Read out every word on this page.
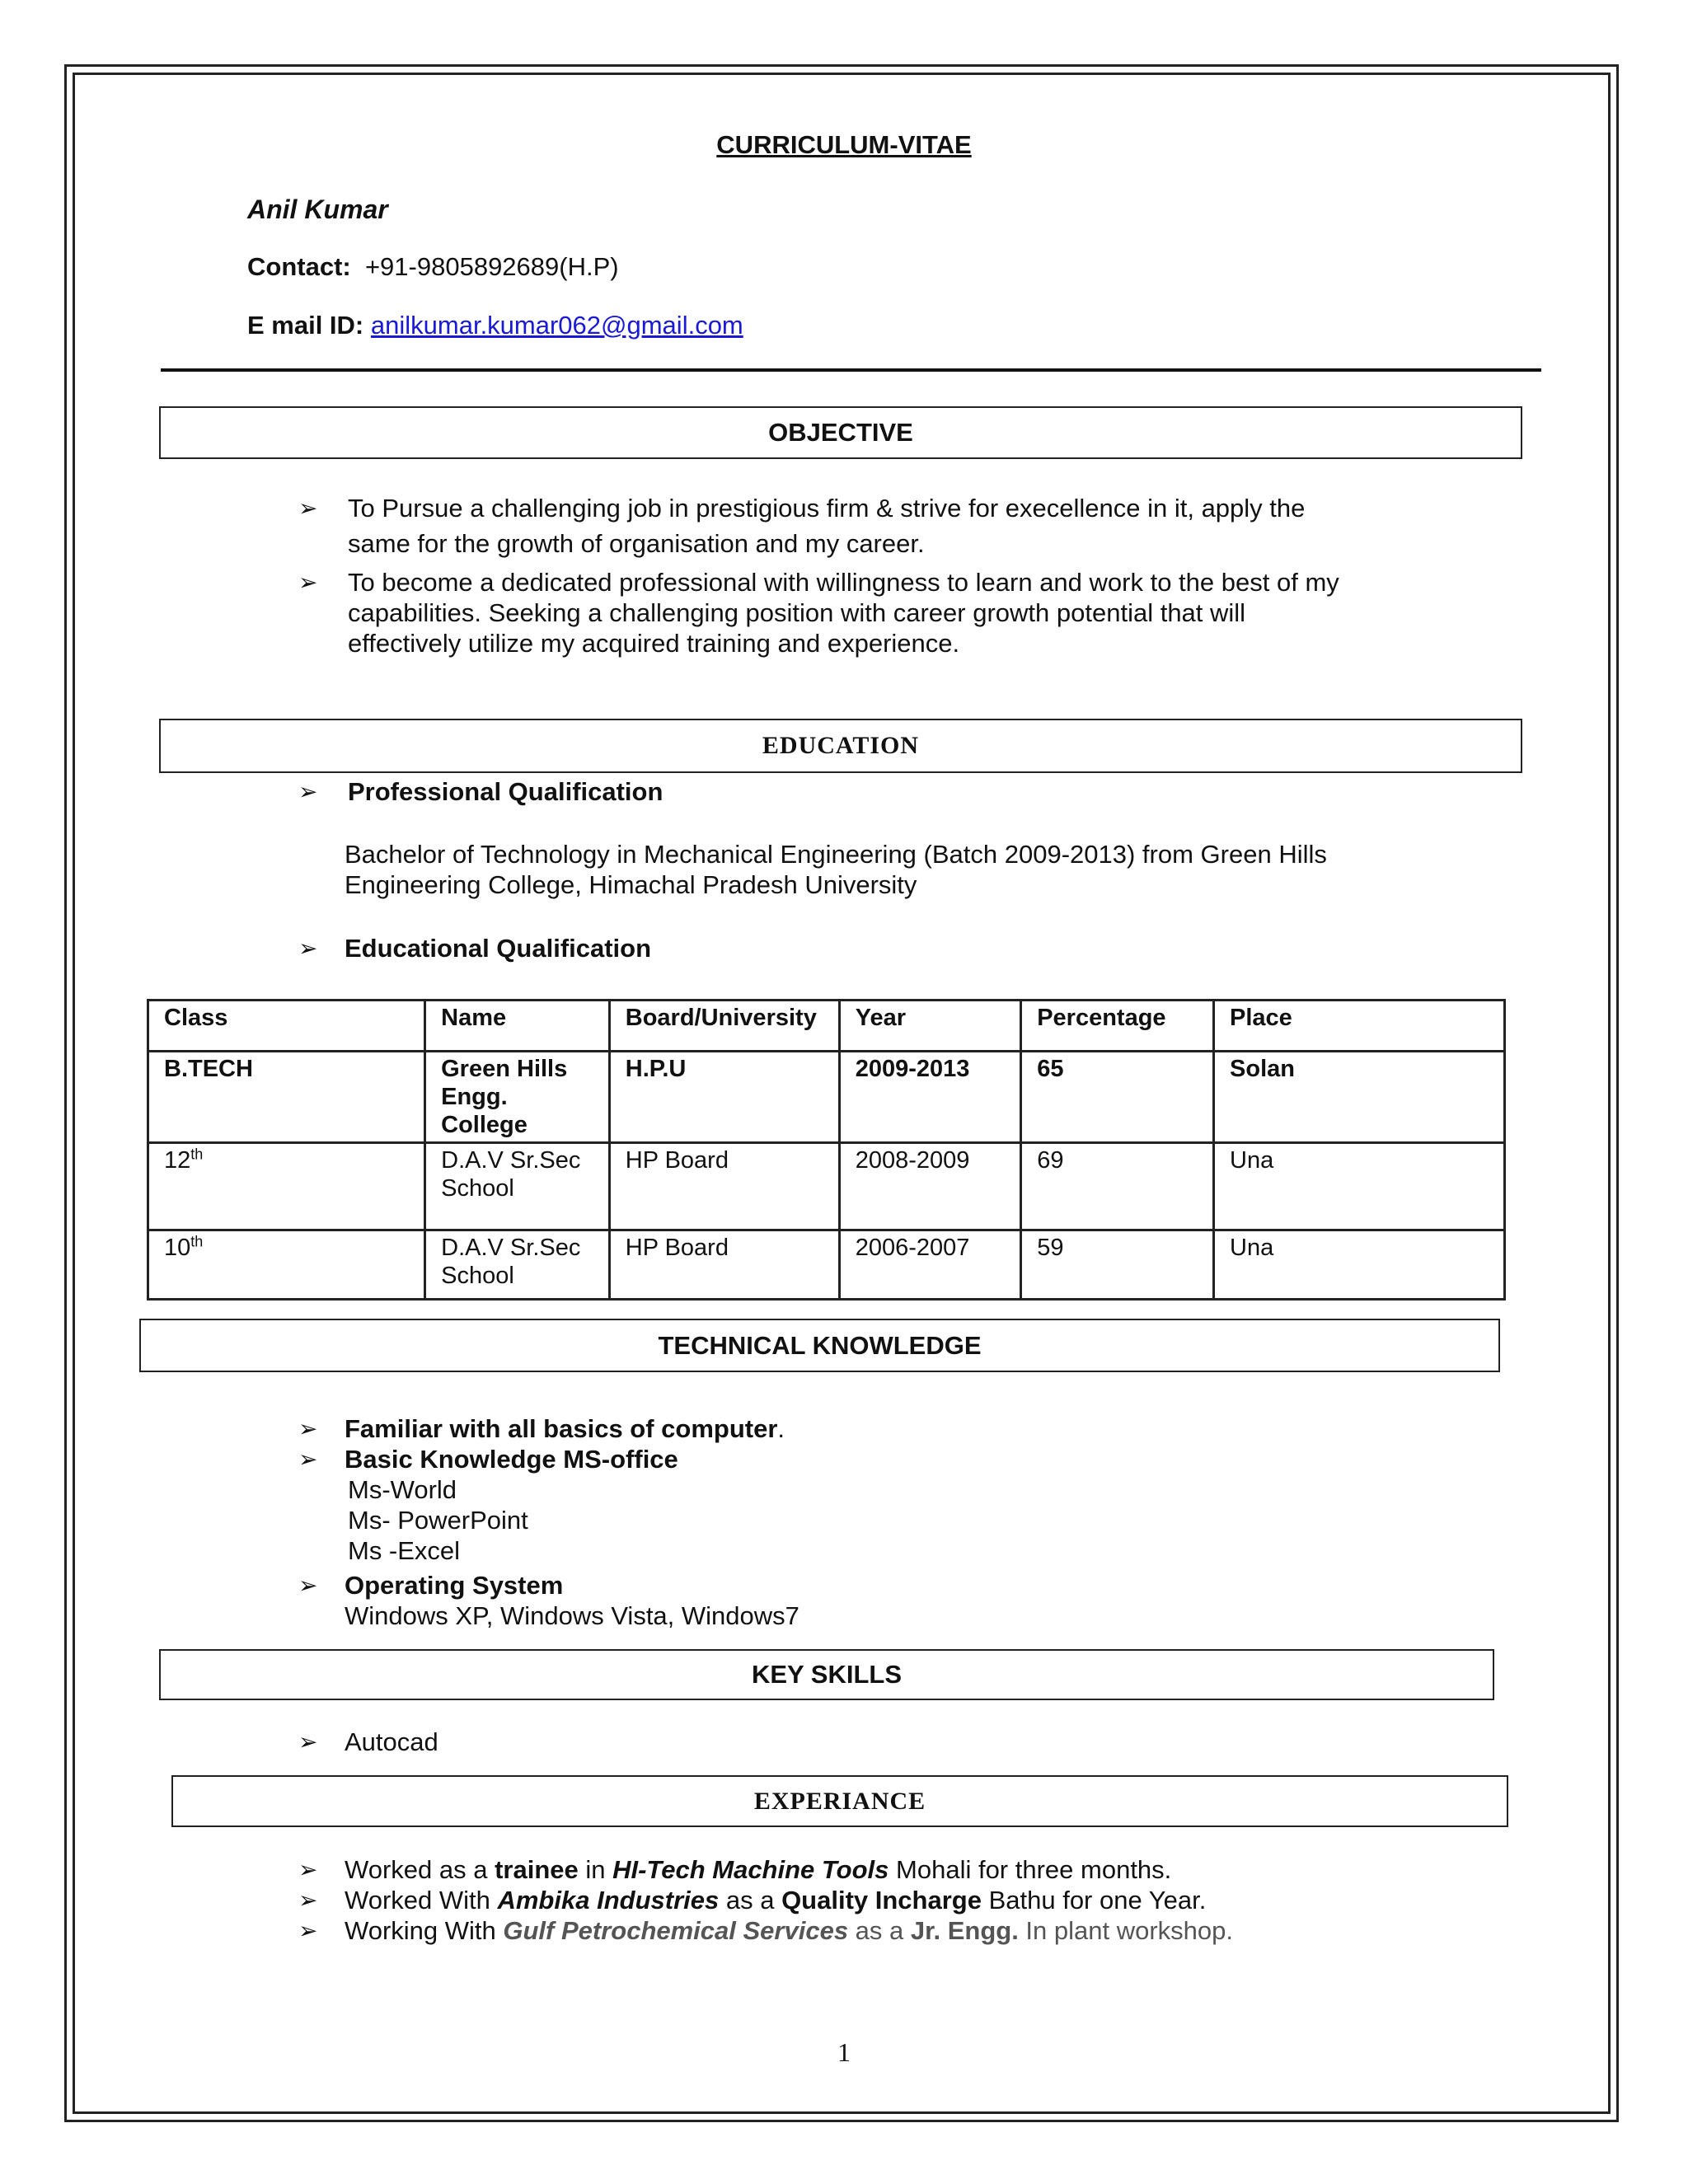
CURRICULUM-VITAE
Anil Kumar
Contact: +91-9805892689(H.P)
E mail ID: anilkumar.kumar062@gmail.com
OBJECTIVE
➢ To Pursue a challenging job in prestigious firm & strive for execellence in it, apply the
same for the growth of organisation and my career.
➢ To become a dedicated professional with willingness to learn and work to the best of my
capabilities. Seeking a challenging position with career growth potential that will
effectively utilize my acquired training and experience.
EDUCATION
➢ Professional Qualification
Bachelor of Technology in Mechanical Engineering (Batch 2009-2013) from Green Hills
Engineering College, Himachal Pradesh University
➢ Educational Qualification
Class	Name	Board/University	Year	Percentage	Place
B.TECH	Green Hills
Engg.
College	H.P.U	2009-2013	65	Solan
12th	D.A.V Sr.Sec
School	HP Board	2008-2009	69	Una
10th	D.A.V Sr.Sec
School	HP Board	2006-2007	59	Una
TECHNICAL KNOWLEDGE
➢ Familiar with all basics of computer.
➢ Basic Knowledge MS-office
Ms-World
Ms- PowerPoint
Ms -Excel
➢ Operating System
Windows XP, Windows Vista, Windows7
KEY SKILLS
➢ Autocad
EXPERIANCE
➢ Worked as a trainee in HI-Tech Machine Tools Mohali for three months.
➢ Worked With Ambika Industries as a Quality Incharge Bathu for one Year.
➢ Working With Gulf Petrochemical Services as a Jr. Engg. In plant workshop.
1
